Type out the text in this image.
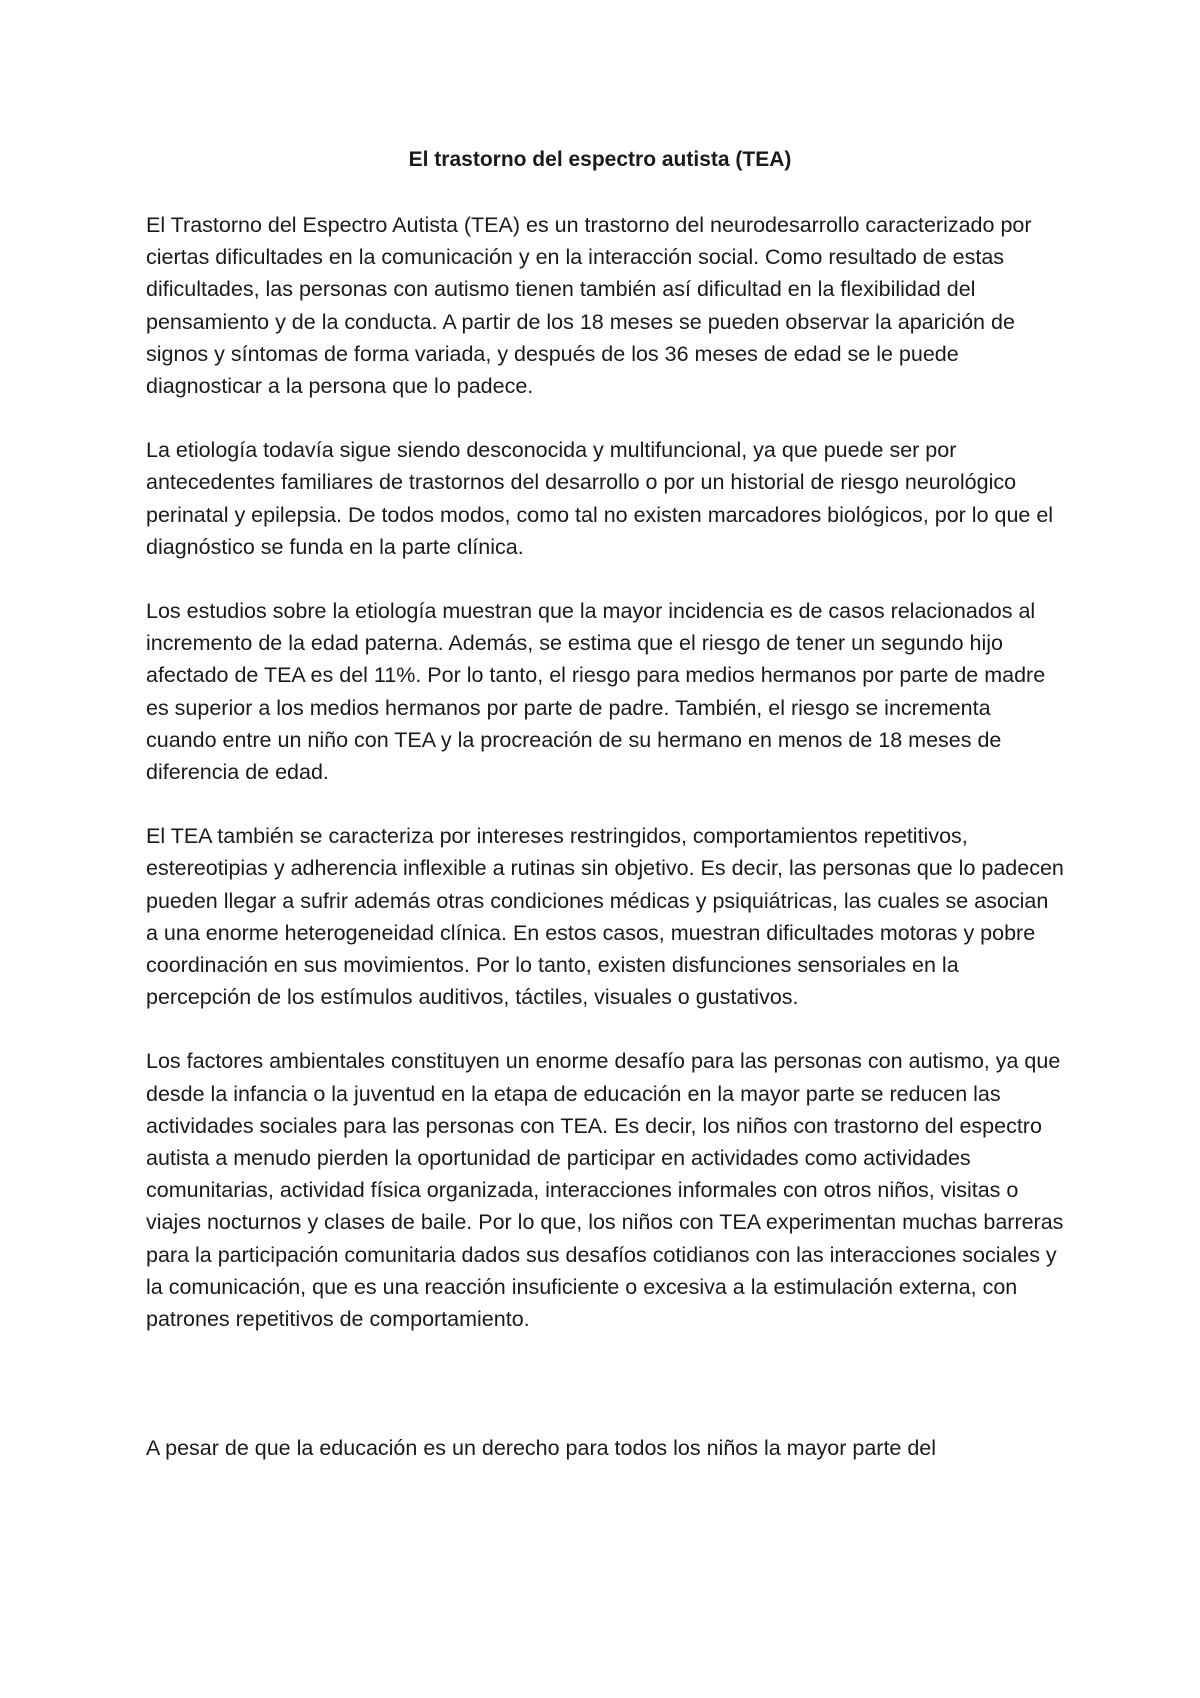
El trastorno del espectro autista (TEA)

El Trastorno del Espectro Autista (TEA) es un trastorno del neurodesarrollo caracterizado por ciertas dificultades en la comunicación y en la interacción social. Como resultado de estas dificultades, las personas con autismo tienen también así dificultad en la flexibilidad del pensamiento y de la conducta. A partir de los 18 meses se pueden observar la aparición de signos y síntomas de forma variada, y después de los 36 meses de edad se le puede diagnosticar a la persona que lo padece.

La etiología todavía sigue siendo desconocida y multifuncional, ya que puede ser por antecedentes familiares de trastornos del desarrollo o por un historial de riesgo neurológico perinatal y epilepsia. De todos modos, como tal no existen marcadores biológicos, por lo que el diagnóstico se funda en la parte clínica.

Los estudios sobre la etiología muestran que la mayor incidencia es de casos relacionados al incremento de la edad paterna. Además, se estima que el riesgo de tener un segundo hijo afectado de TEA es del 11%. Por lo tanto, el riesgo para medios hermanos por parte de madre es superior a los medios hermanos por parte de padre. También, el riesgo se incrementa cuando entre un niño con TEA y la procreación de su hermano en menos de 18 meses de diferencia de edad.

El TEA también se caracteriza por intereses restringidos, comportamientos repetitivos, estereotipias y adherencia inflexible a rutinas sin objetivo. Es decir, las personas que lo padecen pueden llegar a sufrir además otras condiciones médicas y psiquiátricas, las cuales se asocian a una enorme heterogeneidad clínica. En estos casos, muestran dificultades motoras y pobre coordinación en sus movimientos. Por lo tanto, existen disfunciones sensoriales en la percepción de los estímulos auditivos, táctiles, visuales o gustativos.

Los factores ambientales constituyen un enorme desafío para las personas con autismo, ya que desde la infancia o la juventud en la etapa de educación en la mayor parte se reducen las actividades sociales para las personas con TEA. Es decir, los niños con trastorno del espectro autista a menudo pierden la oportunidad de participar en actividades como actividades comunitarias, actividad física organizada, interacciones informales con otros niños, visitas o viajes nocturnos y clases de baile. Por lo que, los niños con TEA experimentan muchas barreras para la participación comunitaria dados sus desafíos cotidianos con las interacciones sociales y la comunicación, que es una reacción insuficiente o excesiva a la estimulación externa, con patrones repetitivos de comportamiento.

A pesar de que la educación es un derecho para todos los niños la mayor parte del
